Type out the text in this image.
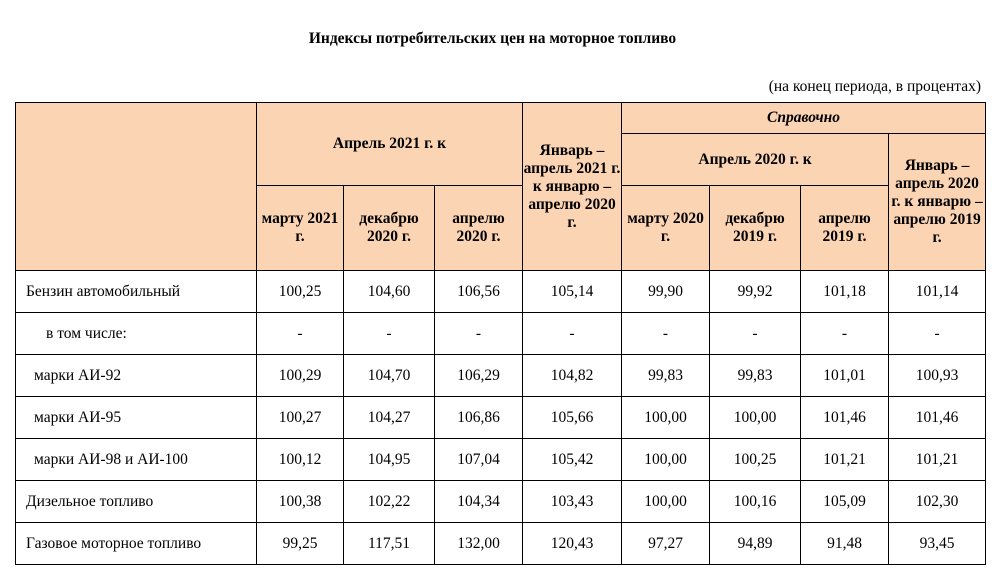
Индексы потребительских цен на моторное топливо
(на конец периода, в процентах)
	Апрель 2021 г. к			Январь – апрель 2021 г. к январю – апрелю 2020 г.	Справочно			
					Апрель 2020 г. к			Январь – апрель 2020 г. к январю – апрелю 2019 г.
	марту 2021 г.	декабрю 2020 г.	апрелю 2020 г.		марту 2020 г.	декабрю 2019 г.	апрелю 2019 г.	
Бензин автомобильный	100,25	104,60	106,56	105,14	99,90	99,92	101,18	101,14
в том числе:	-	-	-	-	-	-	-	-
марки АИ-92	100,29	104,70	106,29	104,82	99,83	99,83	101,01	100,93
марки АИ-95	100,27	104,27	106,86	105,66	100,00	100,00	101,46	101,46
марки АИ-98 и АИ-100	100,12	104,95	107,04	105,42	100,00	100,25	101,21	101,21
Дизельное топливо	100,38	102,22	104,34	103,43	100,00	100,16	105,09	102,30
Газовое моторное топливо	99,25	117,51	132,00	120,43	97,27	94,89	91,48	93,45
